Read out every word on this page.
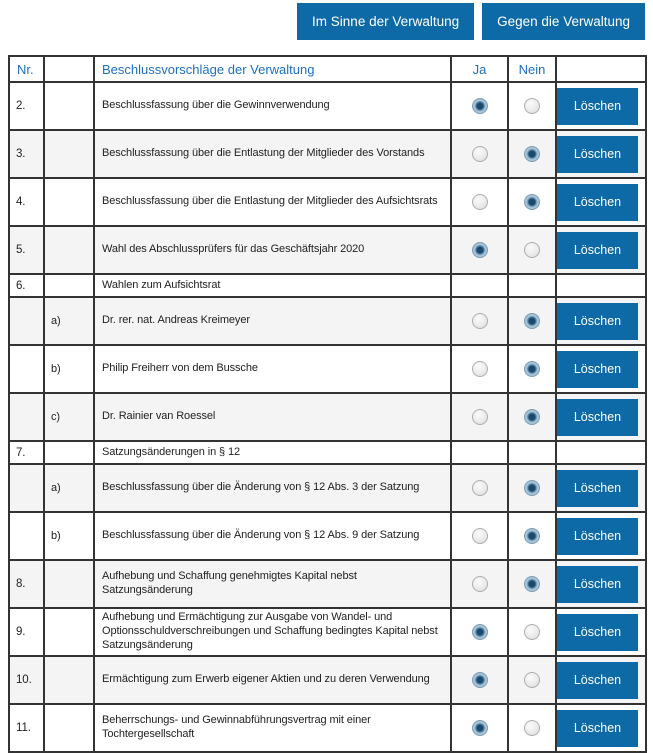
Im Sinne der Verwaltung	Gegen die Verwaltung
Nr.		Beschlussvorschläge der Verwaltung	Ja	Nein	
2.		Beschlussfassung über die Gewinnverwendung			Löschen

3.		Beschlussfassung über die Entlastung der Mitglieder des Vorstands			Löschen

4.		Beschlussfassung über die Entlastung der Mitglieder des Aufsichtsrats			Löschen

5.		Wahl des Abschlussprüfers für das Geschäftsjahr 2020			Löschen

6.		Wahlen zum Aufsichtsrat			
	a)	Dr. rer. nat. Andreas Kreimeyer			Löschen

	b)	Philip Freiherr von dem Bussche			Löschen

	c)	Dr. Rainier van Roessel			Löschen

7.		Satzungsänderungen in § 12			
	a)	Beschlussfassung über die Änderung von § 12 Abs. 3 der Satzung			Löschen

	b)	Beschlussfassung über die Änderung von § 12 Abs. 9 der Satzung			Löschen

8.		Aufhebung und Schaffung genehmigtes Kapital nebst Satzungsänderung			Löschen

9.		Aufhebung und Ermächtigung zur Ausgabe von Wandel- und Optionsschuldverschreibungen und Schaffung bedingtes Kapital nebst Satzungsänderung			Löschen

10.		Ermächtigung zum Erwerb eigener Aktien und zu deren Verwendung			Löschen

11.		Beherrschungs- und Gewinnabführungsvertrag mit einer Tochtergesellschaft			Löschen
